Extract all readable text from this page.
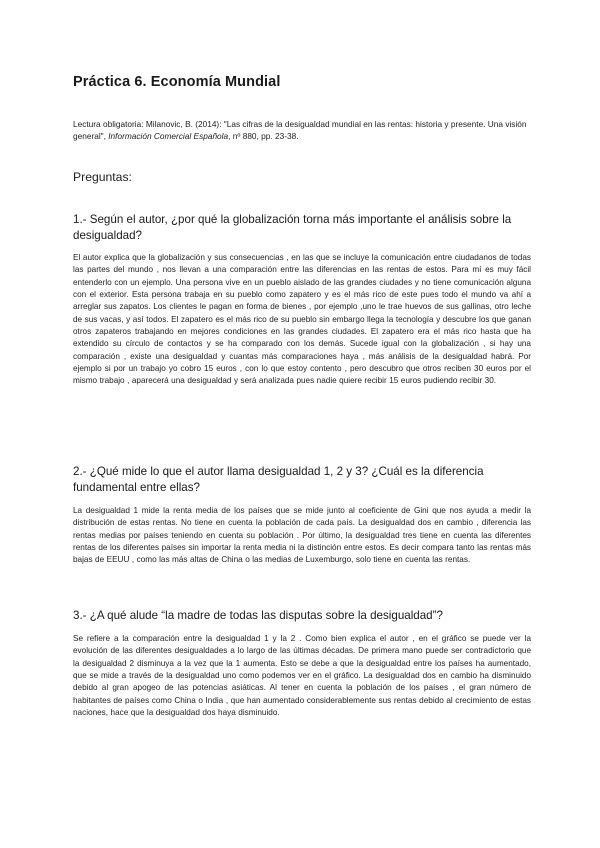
Práctica 6. Economía Mundial
Lectura obligatoria: Milanovic, B. (2014): "Las cifras de la desigualdad mundial en las rentas: historia y presente. Una visión general", Información Comercial Española, nº 880, pp. 23-38.
Preguntas:
1.- Según el autor, ¿por qué la globalización torna más importante el análisis sobre la desigualdad?
El autor explica que la globalización y sus consecuencias , en las que se incluye la comunicación entre ciudadanos de todas las partes del mundo , nos llevan a una comparación entre las diferencias en las rentas de estos. Para mí es muy fácil entenderlo con un ejemplo. Una persona vive en un pueblo aislado de las grandes ciudades y no tiene comunicación alguna con el exterior. Esta persona trabaja en su pueblo como zapatero y es el más rico de este pues todo el mundo va ahí a arreglar sus zapatos. Los clientes le pagan en forma de bienes , por ejemplo ,uno le trae huevos de sus gallinas, otro leche de sus vacas, y así todos. El zapatero es el más rico de su pueblo sin embargo llega la tecnología y descubre los que ganan otros zapateros trabajando en mejores condiciones en las grandes ciudades. El zapatero era el más rico hasta que ha extendido su círculo de contactos y se ha comparado con los demás. Sucede igual con la globalización , si hay una comparación , existe una desigualdad y cuantas más comparaciones haya , más análisis de la desigualdad habrá. Por ejemplo si por un trabajo yo cobro 15 euros , con lo que estoy contento , pero descubro que otros reciben 30 euros por el mismo trabajo , aparecerá una desigualdad y será analizada pues nadie quiere recibir 15 euros pudiendo recibir 30.
2.- ¿Qué mide lo que el autor llama desigualdad 1, 2 y 3? ¿Cuál es la diferencia fundamental entre ellas?
La desigualdad 1 mide la renta media de los países que se mide junto al coeficiente de Gini que nos ayuda a medir la distribución de estas rentas. No tiene en cuenta la población de cada país. La desigualdad dos en cambio , diferencia las rentas medias por países teniendo en cuenta su población . Por último, la desigualdad tres tiene en cuenta las diferentes rentas de los diferentes países sin importar la renta media ni la distinción entre estos. Es decir compara tanto las rentas más bajas de EEUU , como las más altas de China o las medias de Luxemburgo, solo tiene en cuenta las rentas.
3.- ¿A qué alude “la madre de todas las disputas sobre la desigualdad”?
Se refiere a la comparación entre la desigualdad 1 y la 2 . Como bien explica el autor , en el gráfico se puede ver la evolución de las diferentes desigualdades a lo largo de las últimas décadas. De primera mano puede ser contradictorio que la desigualdad 2 disminuya a la vez que la 1 aumenta. Esto se debe a que la desigualdad entre los países ha aumentado, que se mide a través de la desigualdad uno como podemos ver en el gráfico. La desigualdad dos en cambio ha disminuido debido al gran apogeo de las potencias asiáticas. Al tener en cuenta la población de los países , el gran número de habitantes de países como China o India , que han aumentado considerablemente sus rentas debido al crecimiento de estas naciones, hace que la desigualdad dos haya disminuido.
